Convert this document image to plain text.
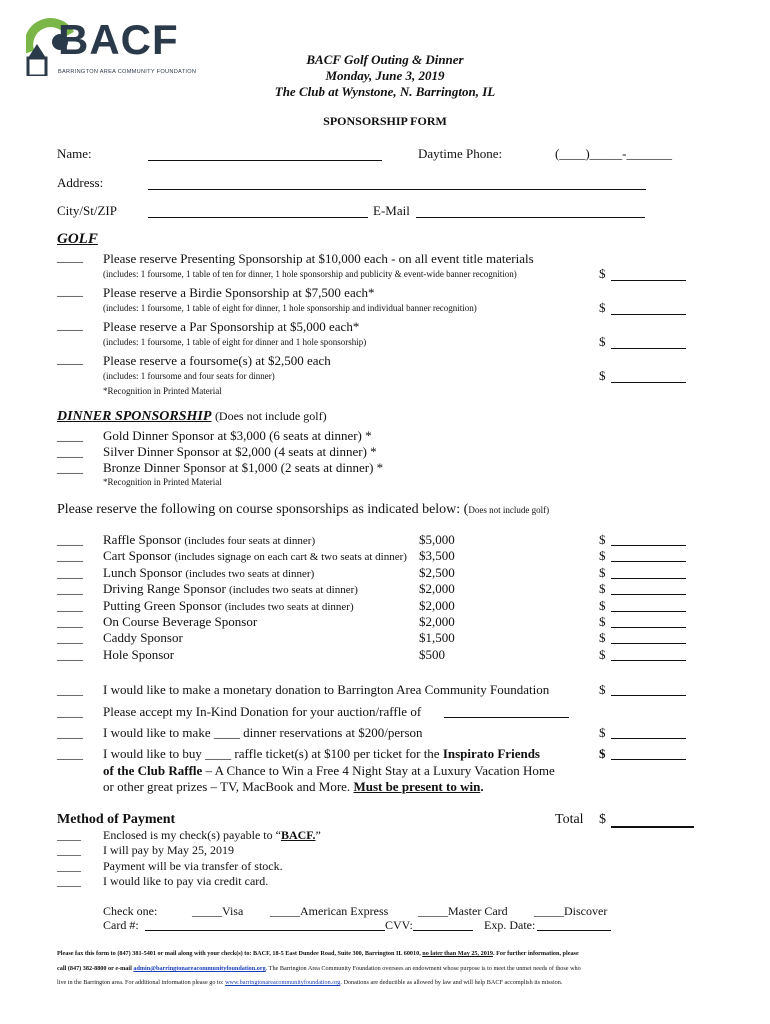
BACF
BARRINGTON AREA COMMUNITY FOUNDATION
BACF Golf Outing & Dinner
Monday, June 3, 2019
The Club at Wynstone, N. Barrington, IL
SPONSORSHIP FORM
Name:	Daytime Phone:	(____)_____-_______
Address:
City/St/ZIP	E-Mail
GOLF
____ Please reserve Presenting Sponsorship at $10,000 each - on all event title materials
(includes: 1 foursome, 1 table of ten for dinner, 1 hole sponsorship and publicity & event-wide banner recognition)	$
____ Please reserve a Birdie Sponsorship at $7,500 each*
(includes: 1 foursome, 1 table of eight for dinner, 1 hole sponsorship and individual banner recognition)	$
____ Please reserve a Par Sponsorship at $5,000 each*
(includes: 1 foursome, 1 table of eight for dinner and 1 hole sponsorship)	$
____ Please reserve a foursome(s) at $2,500 each
(includes: 1 foursome and four seats for dinner)	$
*Recognition in Printed Material
DINNER SPONSORSHIP (Does not include golf)
____ Gold Dinner Sponsor at $3,000 (6 seats at dinner) *
____ Silver Dinner Sponsor at $2,000 (4 seats at dinner) *
____ Bronze Dinner Sponsor at $1,000 (2 seats at dinner) *
*Recognition in Printed Material
Please reserve the following on course sponsorships as indicated below: (Does not include golf)
____ Raffle Sponsor (includes four seats at dinner)	$5,000	$
____ Cart Sponsor (includes signage on each cart & two seats at dinner) $3,500	$
____ Lunch Sponsor (includes two seats at dinner)	$2,500	$
____ Driving Range Sponsor (includes two seats at dinner)	$2,000	$
____ Putting Green Sponsor (includes two seats at dinner)	$2,000	$
____ On Course Beverage Sponsor	$2,000	$
____ Caddy Sponsor	$1,500	$
____ Hole Sponsor	$500	$
____ I would like to make a monetary donation to Barrington Area Community Foundation	$
____ Please accept my In-Kind Donation for your auction/raffle of
____ I would like to make ____ dinner reservations at $200/person	$
____ I would like to buy ____ raffle ticket(s) at $100 per ticket for the Inspirato Friends
of the Club Raffle – A Chance to Win a Free 4 Night Stay at a Luxury Vacation Home
or other great prizes – TV, MacBook and More. Must be present to win.
$
Method of Payment	Total $
____ Enclosed is my check(s) payable to “BACF.”
____ I will pay by May 25, 2019
____ Payment will be via transfer of stock.
____ I would like to pay via credit card.
Check one:	_____Visa _____American Express _____Master Card _____Discover
Card #:	CVV:	Exp. Date:
Please fax this form to (847) 381-5401 or mail along with your check(s) to: BACF, 18-5 East Dundee Road, Suite 300, Barrington IL 60010, no later than May 25, 2019. For further information, please
call (847) 382-8800 or e-mail admin@barringtonareacommunityfoundation.org. The Barrington Area Community Foundation oversees an endowment whose purpose is to meet the unmet needs of those who
live in the Barrington area. For additional information please go to: www.barringtonareacommunityfoundation.org. Donations are deductible as allowed by law and will help BACF accomplish its mission.
